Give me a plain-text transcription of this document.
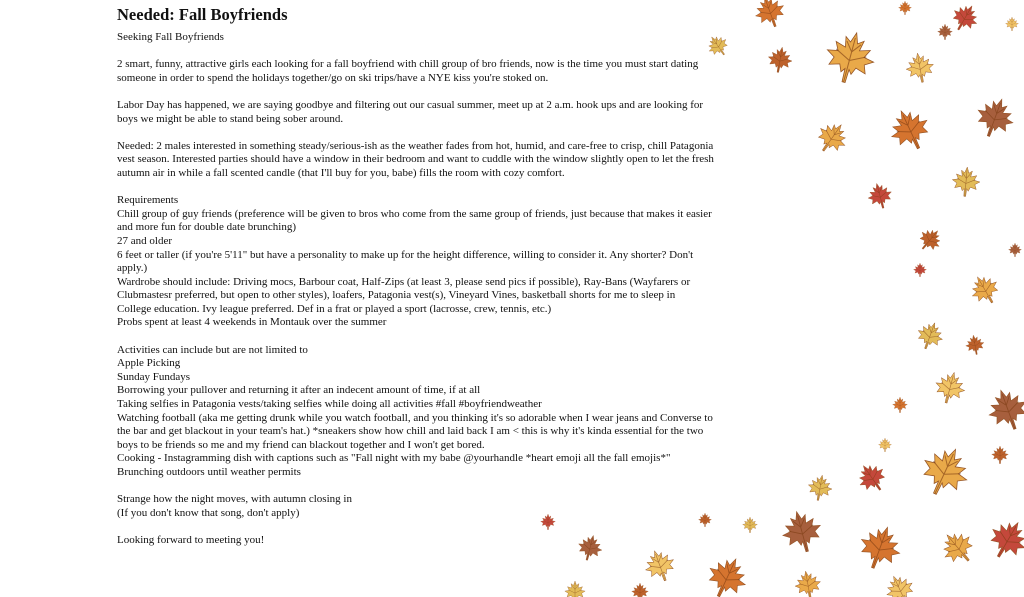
Needed: Fall Boyfriends
Seeking Fall Boyfriends
2 smart, funny, attractive girls each looking for a fall boyfriend with chill group of bro friends, now is the time you must start dating someone in order to spend the holidays together/go on ski trips/have a NYE kiss you're stoked on.
Labor Day has happened, we are saying goodbye and filtering out our casual summer, meet up at 2 a.m. hook ups and are looking for boys we might be able to stand being sober around.
Needed: 2 males interested in something steady/serious-ish as the weather fades from hot, humid, and care-free to crisp, chill Patagonia vest season. Interested parties should have a window in their bedroom and want to cuddle with the window slightly open to let the fresh autumn air in while a fall scented candle (that I'll buy for you, babe) fills the room with cozy comfort.
Requirements
Chill group of guy friends (preference will be given to bros who come from the same group of friends, just because that makes it easier and more fun for double date brunching)
27 and older
6 feet or taller (if you're 5'11" but have a personality to make up for the height difference, willing to consider it. Any shorter? Don't apply.)
Wardrobe should include: Driving mocs, Barbour coat, Half-Zips (at least 3, please send pics if possible), Ray-Bans (Wayfarers or Clubmastesr preferred, but open to other styles), loafers, Patagonia vest(s), Vineyard Vines, basketball shorts for me to sleep in
College education. Ivy league preferred. Def in a frat or played a sport (lacrosse, crew, tennis, etc.)
Probs spent at least 4 weekends in Montauk over the summer
Activities can include but are not limited to
Apple Picking
Sunday Fundays
Borrowing your pullover and returning it after an indecent amount of time, if at all
Taking selfies in Patagonia vests/taking selfies while doing all activities #fall #boyfriendweather
Watching football (aka me getting drunk while you watch football, and you thinking it's so adorable when I wear jeans and Converse to the bar and get blackout in your team's hat.) *sneakers show how chill and laid back I am < this is why it's kinda essential for the two boys to be friends so me and my friend can blackout together and I won't get bored.
Cooking - Instagramming dish with captions such as "Fall night with my babe @yourhandle *heart emoji all the fall emojis*"
Brunching outdoors until weather permits
Strange how the night moves, with autumn closing in
(If you don't know that song, don't apply)
Looking forward to meeting you!
